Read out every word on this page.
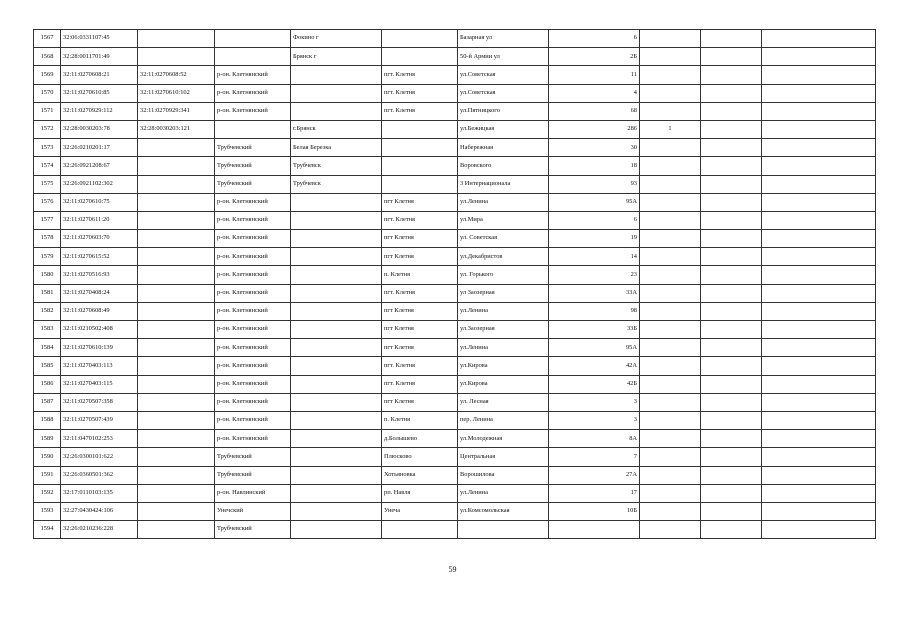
1567	32:06:0331107:45			Фокино г		Базарная ул	6			
1568	32:28:0011701:49			Брянск г		50-й Армии ул	2Б			
1569	32:11:0270608:21	32:11:0270608:52	р-он. Клетнянский		пгт. Клетня	ул.Советская	11			
1570	32:11:0270610:85	32:11:0270610:102	р-он. Клетнянский		пгт. Клетня	ул.Советская	4			
1571	32:11:0270929:112	32:11:0270929:341	р-он. Клетнянский		пгт. Клетня	ул.Пятницкого	68			
1572	32:28:0030203:78	32:28:0030203:121		г.Брянск		ул.Бежицкая	286	1		
1573	32:26:0210201:17		Трубчевский	Белая Березка		Набережная	30			
1574	32:26:0921208:67		Трубчевский	Трубчевск		Воровского	18			
1575	32:26:0921102:302		Трубчевский	Трубчевск		3 Интернационала	93			
1576	32:11:0270610:75		р-он. Клетнянский		пгт Клетня	ул.Ленина	95А			
1577	32:11:0270611:20		р-он. Клетнянский		пгт. Клетня	ул.Мира	6			
1578	32:11:0270603:70		р-он. Клетнянский		пгт Клетня	ул. Советская	19			
1579	32:11:0270615:52		р-он. Клетнянский		пгт Клетня	ул.Декабристов	14			
1580	32:11:0270516:93		р-он. Клетнянский		п. Клетня	ул. Горького	23			
1581	32:11:0270408:24		р-он. Клетнянский		пгт. Клетня	ул Заозерная	33А			
1582	32:11:0270608:49		р-он. Клетнянский		пгт Клетня	ул.Ленина	98			
1583	32:11:0210502:408		р-он. Клетнянский		пгт Клетня	ул.Заозерная	33Б			
1584	32:11:0270610:139		р-он. Клетнянский		пгт Клетня	ул.Ленина	95А			
1585	32:11:0270403:113		р-он. Клетнянский		пгт. Клетня	ул.Кирова	42А			
1586	32:11:0270403:115		р-он. Клетнянский		пгт. Клетня	ул.Кирова	42Б			
1587	32:11:0270507:358		р-он. Клетнянский		пгт Клетня	ул. Лесная	3			
1588	32:11:0270507:439		р-он. Клетнянский		п. Клетня	пер. Ленина	3			
1589	32:11:0470102:253		р-он. Клетнянский		д.Болышево	ул.Молодежная	8А			
1590	32:26:0300101:622		Трубчевский		Плюсково	Центральная	7			
1591	32:26:0360501:362		Трубчевский		Хотьяновка	Ворошилова	27А			
1592	32:17:0110103:135		р-он. Навлинский		рп. Навля	ул.Ленина	17			
1593	32:27:0430424:106		Унечский		Унеча	ул.Комсомольская	10Б			
1594	32:26:0210236:228		Трубчевский							
59
